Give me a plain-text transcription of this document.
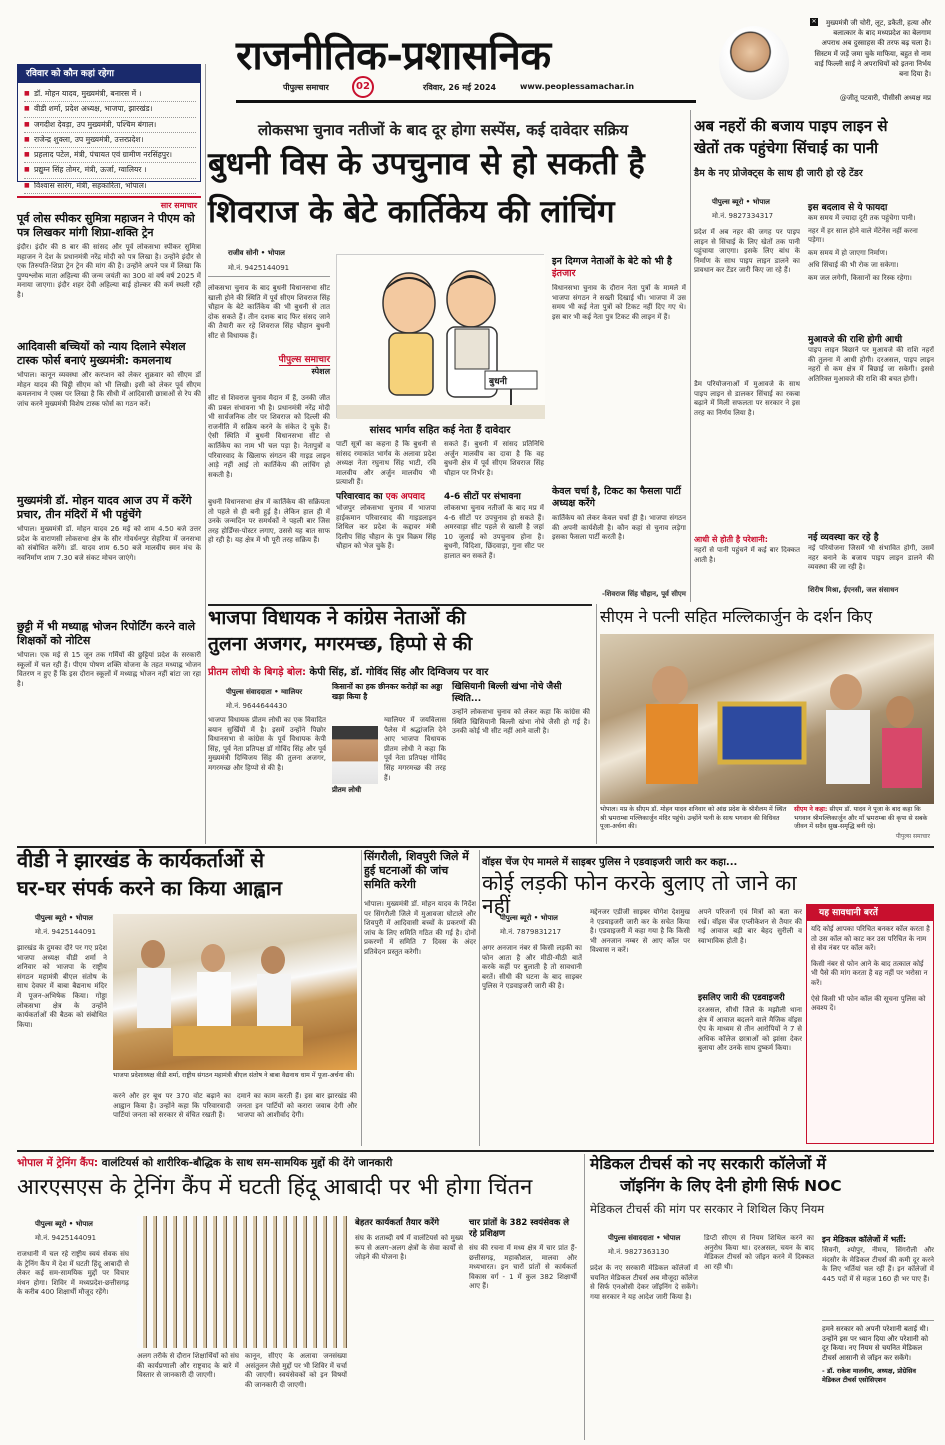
राजनीतिक-प्रशासनिक
पीपुल्स समाचार	02	रविवार, 26 मई 2024	www.peoplessamachar.in
✕	मुख्यमंत्री जी चोरी, लूट, डकैती, हत्या और बलात्कार के बाद मध्यप्रदेश का बेलगाम अपराध अब दुस्साहस की तरफ बढ़ चला है। सिस्टम में जड़ें जमा चुके माफिया, बहुत से नाम वाई फिल्ली साईं ने अपराधियों को इतना निर्भय बना दिया है।
@जीतू पटवारी, पीसीसी अध्यक्ष मप्र
रविवार को कौन कहां रहेगा
■ डॉ. मोहन यादव, मुख्यमंत्री, बनारस में ।
■ वीडी शर्मा, प्रदेश अध्यक्ष, भाजपा, झारखंड।
■ जगदीश देवड़ा, उप मुख्यमंत्री, पश्चिम बंगाल।
■ राजेन्द्र शुक्ला, उप मुख्यमंत्री, उत्तरप्रदेश।
■ प्रहलाद पटेल, मंत्री, पंचायत एवं ग्रामीण नरसिंहपुर।
■ प्रद्युम्न सिंह तोमर, मंत्री, ऊर्जा, ग्वालियर ।
■ विश्वास सारंग, मंत्री, सहकारिता, भोपाल।
सार समाचार
पूर्व लोस स्पीकर सुमित्रा महाजन ने पीएम को पत्र लिखकर मांगी शिप्रा-शक्ति ट्रेन
इंदौर। इंदौर की 8 बार की सांसद और पूर्व लोकसभा स्पीकर सुमित्रा महाजन ने देश के प्रधानमंत्री नरेंद्र मोदी को पत्र लिखा है। उन्होंने इंदौर से एक तिरुपति-शिप्रा ट्रेन ट्रेन की मांग की है। उन्होंने अपने पत्र में लिखा कि पुण्यश्लोक माता अहिल्या की जन्म जयंती का 300 वां वर्ष वर्ष 2025 में मनाया जाएगा। इंदौर शहर देवी अहिल्या बाई होल्कर की कर्म स्थली रही है।
आदिवासी बच्चियों को न्याय दिलाने स्पेशल टास्क फोर्स बनाएं मुख्यमंत्री: कमलनाथ
भोपाल। कानून व्यवस्था और करप्शन को लेकर शुक्रवार को सीएम डॉ मोहन यादव की चिट्ठी सीएम को भी लिखी। इसी को लेकर पूर्व सीएम कमलनाथ ने एक्स पर लिखा है कि सीधी में आदिवासी छात्राओं से रेप की जांच करने मुख्यमंत्री विशेष टास्क फोर्स का गठन करें।
मुख्यमंत्री डॉ. मोहन यादव आज उप में करेंगे प्रचार, तीन मंदिरों में भी पहुंचेंगे
भोपाल। मुख्यमंत्री डॉ. मोहन यादव 26 मई को शाम 4.50 बजे उत्तर प्रदेश के वाराणसी लोकसभा क्षेत्र के सीर गोवर्धनपुर सेहरिया में जनसभा को संबोधित करेंगे। डॉ. यादव शाम 6.50 बजे मालवीय स्मन मंच के नवनिर्माण शाम 7.30 बजे संकट मोचन जाएंगे।
छुट्टी में भी मध्याह्न भोजन रिपोर्टिंग करने वाले शिक्षकों को नोटिस
भोपाल। एक मई से 15 जून तक गर्मियों की छुट्टियां प्रदेश के सरकारी स्कूलों में चल रही हैं। पीएम पोषण शक्ति योजना के तहत मध्याह्न भोजन वितरण न हुए हैं कि इस दौरान स्कूलों में मध्याह्न भोजन नहीं बांटा जा रहा है।
लोकसभा चुनाव नतीजों के बाद दूर होगा सस्पेंस, कई दावेदार सक्रिय
बुधनी विस के उपचुनाव से हो सकती है
शिवराज के बेटे कार्तिकेय की लांचिंग
राजीव सोनी • भोपाल
मो.नं. 9425144091
लोकसभा चुनाव के बाद बुधनी विधानसभा सीट खाली होने की स्थिति में पूर्व सीएम शिवराज सिंह चौहान के बेटे कार्तिकेय की भी बुधनी से तात दोक सकते हैं। तीन दशक बाद फिर संसद जाने की तैयारी कर रहे शिवराज सिंह चौहान बुधनी सीट से विधायक हैं।
पीपुल्स समाचार
स्पेशल
सीट से शिवराज चुनाव मैदान में हैं, उनकी जीत की प्रबल संभावना भी है। प्रधानमंत्री नरेंद्र मोदी भी सार्वजनिक तौर पर शिवराज को दिल्ली की राजनीति में सक्रिय करने के संकेत दे चुके हैं। ऐसी स्थिति में बुधनी विधानसभा सीट से कार्तिकेय का नाम भी चल पड़ा है। नेतापुत्रों व परिवारवाद के खिलाफ संगठन की गाइड लाइन आड़े नहीं आई तो कार्तिकेय की लांचिंग हो सकती है।
बुधनी विधानसभा क्षेत्र में कार्तिकेय की सक्रियता तो पहले से ही बनी हुई है। लेकिन हाल ही में उनके जन्मदिन पर समर्थकों ने पहली बार जिस तरह होर्डिंग्स-पोस्टर लगाए, उससे यह बात साफ हो रही है। यह क्षेत्र में भी पूरी तरह सक्रिय हैं।
बुधनी
सांसद भार्गव सहित कई नेता हैं दावेदार
पार्टी सूत्रों का कहना है कि बुधनी से सांसद रमाकांत भार्गव के अलावा प्रदेश अध्यक्ष नेता रघुनाथ सिंह भाटी, रवि मालवीय और अर्जुन मालवीय भी प्रत्याशी हैं।
सकते हैं। बुधनी में सांसद प्रतिनिधि अर्जुन मालवीय का दावा है कि वह बुधनी क्षेत्र में पूर्व सीएम शिवराज सिंह चौहान पर निर्भर है।
परिवारवाद का एक अपवाद
भोजपुर लोकसभा चुनाव में भाजपा हाईकमान परिवारवाद की गाइडलाइन शिथिल कर प्रदेश के कद्दावर मंत्री दिलीप सिंह चौहान के पुत्र विक्रम सिंह चौहान को भेज चुके हैं।
4-6 सीटों पर संभावना
लोकसभा चुनाव नतीजों के बाद मप्र में 4-6 सीटों पर उपचुनाव हो सकते हैं। अमरवाड़ा सीट पहले से खाली है जहां 10 जुलाई को उपचुनाव होना है। बुधनी, विदिशा, छिंदवाड़ा, गुना सीट पर हालात बन सकते हैं।
इन दिग्गज नेताओं के बेटे को भी है इंतजार
विधानसभा चुनाव के दौरान नेता पुत्रों के मामले में भाजपा संगठन ने सख्ती दिखाई थी। भाजपा में उस समय भी कई नेता पुत्रों को टिकट नहीं दिए गए थे। इस बार भी कई नेता पुत्र टिकट की लाइन में हैं।
केवल चर्चा है, टिकट का फैसला पार्टी अध्यक्ष करेंगे
कार्तिकेय को लेकर केवल चर्चा ही है। भाजपा संगठन की अपनी कार्यशैली है। कौन कहां से चुनाव लड़ेगा इसका फैसला पार्टी करती है।
-शिवराज सिंह चौहान, पूर्व सीएम
अब नहरों की बजाय पाइप लाइन से
खेतों तक पहुंचेगा सिंचाई का पानी
डैम के नए प्रोजेक्ट्स के साथ ही जारी हो रहे टेंडर
पीपुल्स ब्यूरो • भोपाल
मो.नं. 9827334317
प्रदेश में अब नहर की जगह पर पाइप लाइन से सिंचाई के लिए खेतों तक पानी पहुंचाया जाएगा। इसके लिए बांध के निर्माण के साथ पाइप लाइन डालने का प्रावधान कर टेंडर जारी किए जा रहे हैं।
डैम परियोजनाओं में मुआवजे के साथ पाइप लाइन से डालकर सिंचाई का रकबा बढ़ाने में मिली सफलता पर सरकार ने इस तरह का निर्णय लिया है।
आधी से होती है परेशानी:
नहरों से पानी पहुंचने में कई बार दिक्कत आती है।
इस बदलाव से ये फायदा
कम समय में ज्यादा दूरी तक पहुंचेगा पानी।
नहर में हर साल होने वाले मेंटेनेंस नहीं करना पड़ेगा।
कम समय में हो जाएगा निर्माण।
अधि सिंचाई की भी रोक जा सकेगा।
कम जल लगेगी, किसानों का रिस्क रहेगा।
मुआवजे की राशि होगी आधी
पाइप लाइन बिछाने पर मुआवजे की राशि नहरों की तुलना में आधी होगी। दरअसल, पाइप लाइन नहरों से कम क्षेत्र में बिछाई जा सकेगी। इससे अतिरिक्त मुआवजे की राशि की बचत होगी।
नई व्यवस्था कर रहे है
नई परियोजना जिसमें भी संभावित होगी, उसमें नहर बनाने के बजाय पाइप लाइन डालने की व्यवस्था की जा रही है।
शिरीष मिश्रा, ईएनसी, जल संसाधन
भाजपा विधायक ने कांग्रेस नेताओं की
तुलना अजगर, मगरमच्छ, हिप्पो से की
प्रीतम लोधी के बिगड़े बोल: केपी सिंह, डॉ. गोविंद सिंह और दिग्विजय पर वार
पीपुल्स संवाददाता • ग्वालियर
मो.नं. 9644644430
भाजपा विधायक प्रीतम लोधी का एक विवादित बयान सुर्खियों में है। इसमें उन्होंने पिछोर विधानसभा से कांग्रेस के पूर्व विधायक केपी सिंह, पूर्व नेता प्रतिपक्ष डॉ गोविंद सिंह और पूर्व मुख्यमंत्री दिग्विजय सिंह की तुलना अजगर, मगरमच्छ और हिप्पो से की है।
किसानों का हक छीनकर करोड़ों का अड्डा खड़ा किया है
प्रीतम लोधी
ग्वालियर में जयविलास पैलेस में श्रद्धांजलि देने आए भाजपा विधायक प्रीतम लोधी ने कहा कि पूर्व नेता प्रतिपक्ष गोविंद सिंह मगरमच्छ की तरह हैं।
खिसियानी बिल्ली खंभा नोचे जैसी स्थिति...
उन्होंने लोकसभा चुनाव को लेकर कहा कि कांग्रेस की स्थिति खिसियानी बिल्ली खंभा नोचे जैसी हो गई है। उनकी कोई भी सीट नहीं आने वाली है।
सीएम ने पत्नी सहित मल्लिकार्जुन के दर्शन किए
भोपाल। मप्र के सीएम डॉ. मोहन यादव शनिवार को आंध्र प्रदेश के श्रीशैलम में स्थित श्री भ्रमराम्बा मल्लिकार्जुन मंदिर पहुंचे। उन्होंने पत्नी के साथ भगवान की विधिवत पूजा-अर्चना की।
सीएम ने कहा: सीएम डॉ. यादव ने पूजा के बाद कहा कि भगवान श्रीमल्लिकार्जुन और माँ भ्रमराम्बा की कृपा से सबके जीवन में सदैव सुख-समृद्धि बनी रहे।
पीपुल्स समाचार
वीडी ने झारखंड के कार्यकर्ताओं से
घर-घर संपर्क करने का किया आह्वान
पीपुल्स ब्यूरो • भोपाल
मो.नं. 9425144091
झारखंड के दुमका दौरे पर गए प्रदेश भाजपा अध्यक्ष वीडी शर्मा ने शनिवार को भाजपा के राष्ट्रीय संगठन महामंत्री बीएल संतोष के साथ देवघर में बाबा बैद्यनाथ मंदिर में पूजन-अभिषेक किया। गोड्डा लोकसभा क्षेत्र के उन्होंने कार्यकर्ताओं की बैठक को संबोधित किया।
भाजपा प्रदेशाध्यक्ष वीडी शर्मा, राष्ट्रीय संगठन महामंत्री बीएल संतोष ने बाबा वैद्यनाथ धाम में पूजा-अर्चना की।
करने और हर बूथ पर 370 वोट बढ़ाने का आह्वान किया है। उन्होंने कहा कि परिवारवादी पार्टियां जनता को सरकार से वंचित रखती हैं।
दमाने का काम करती हैं। इस बार झारखंड की जनता इन पार्टियों को करारा जवाब देगी और भाजपा को आशीर्वाद देगी।
सिंगरौली, शिवपुरी जिले में हुई घटनाओं की जांच समिति करेगी
भोपाल। मुख्यमंत्री डॉ. मोहन यादव के निर्देश पर सिंगरौली जिले में मुआवजा घोटाले और शिवपुरी में आदिवासी बच्चों के प्रकरणों की जांच के लिए समिति गठित की गई है। दोनों प्रकरणों में समिति 7 दिवस के अंदर प्रतिवेदन प्रस्तुत करेगी।
वॉइस चेंज ऐप मामले में साइबर पुलिस ने एडवाइजरी जारी कर कहा...
कोई लड़की फोन करके बुलाए तो जाने का नहीं
पीपुल्स ब्यूरो • भोपाल
मो.नं. 7879831217
अगर अनजान नंबर से किसी लड़की का फोन आता है और मीठी-मीठी बातें करके कहीं पर बुलाती है तो सावधानी बरतें। सीधी की घटना के बाद साइबर पुलिस ने एडवाइजरी जारी की है।
मद्देनजर एडीजी साइबर योगेश देशमुख ने एडवाइजरी जारी कर के सचेत किया है। एडवाइजरी में कहा गया है कि किसी भी अनजान नम्बर से आए कॉल पर विश्वास न करें।
अपने परिजनों एवं मित्रों को बता कर रखें। वॉइस चेंज एप्लीकेशन से तैयार की गई आवाज बड़ी बार बेहद सुरीली व स्वाभाविक होती है।
इसलिए जारी की एडवाइजरी
दरअसल, सीधी जिले के मझौली थाना क्षेत्र में आवाज बदलने वाले मैजिक वॉइस ऐप के माध्यम से तीन आरोपियों ने 7 से अधिक कॉलेज छात्राओं को झांसा देकर बुलाया और उनके साथ दुष्कर्म किया।
यह सावधानी बरतें
यदि कोई आपका परिचित बनकर कॉल करता है तो उस कॉल को काट कर उस परिचित के नाम से सेव नंबर पर कॉल करें।
किसी नंबर से फोन आने के बाद तत्काल कोई भी पैसे की मांग करता है वह नहीं पर भरोसा न करें।
ऐसे किसी भी फोन कॉल की सूचना पुलिस को अवश्य दें।
भोपाल में ट्रेनिंग कैंप: वालंटियर्स को शारीरिक-बौद्धिक के साथ सम-सामयिक मुद्दों की देंगे जानकारी
आरएसएस के ट्रेनिंग कैंप में घटती हिंदू आबादी पर भी होगा चिंतन
पीपुल्स ब्यूरो • भोपाल
मो.नं. 9425144091
राजधानी में चल रहे राष्ट्रीय स्वयं सेवक संघ के ट्रेनिंग कैंप में देश में घटती हिंदू आबादी से लेकर कई सम-सामयिक मुद्दों पर विचार मंथन होगा। शिविर में मध्यप्रदेश-छत्तीसगढ़ के करीब 400 शिक्षार्थी मौजूद रहेंगे।
अलग तरीके से दौरान शिक्षार्थियों को संघ की कार्यप्रणाली और राष्ट्रवाद के बारे में विस्तार से जानकारी दी जाएगी।
कानून, सीएए के अलावा जनसंख्या असंतुलन जैसे मुद्दों पर भी शिविर में चर्चा की जाएगी। स्वयंसेवकों को इन विषयों की जानकारी दी जाएगी।
बेहतर कार्यकर्ता तैयार करेंगे
संघ के शताब्दी वर्ष में वालंटियर्स को मुख्य रूप से अलग-अलग क्षेत्रों के सेवा कार्यों से जोड़ने की योजना है।
चार प्रांतों के 382 स्वयंसेवक ले रहे प्रशिक्षण
संघ की रचना में मध्य क्षेत्र में चार प्रांत हैं- छत्तीसगढ़, महाकौशल, मालवा और मध्यभारत। इन चारों प्रांतों से कार्यकर्ता विकास वर्ग - 1 में कुल 382 शिक्षार्थी आए हैं।
मेडिकल टीचर्स को नए सरकारी कॉलेजों में
जॉइनिंग के लिए देनी होगी सिर्फ NOC
मेडिकल टीचर्स की मांग पर सरकार ने शिथिल किए नियम
पीपुल्स संवाददाता • भोपाल
मो.नं. 9827363130
प्रदेश के नए सरकारी मेडिकल कॉलेजों में चयनित मेडिकल टीचर्स अब मौजूदा कॉलेज से सिर्फ एनओसी देकर जॉइनिंग दे सकेंगे। गया सरकार ने यह आदेश जारी किया है।
डिप्टी सीएम से नियम शिथिल करने का अनुरोध किया था। दरअसल, चयन के बाद मेडिकल टीचर्स को जॉइन करने में दिक्कत आ रही थी।
इन मेडिकल कॉलेजों में भर्ती:
सिवनी, श्योपुर, नीमच, सिंगरौली और मंदसौर के मेडिकल टीचर्स की कमी दूर करने के लिए भर्तियां चल रही हैं। इन कॉलेजों में 445 पदों में से महज 160 ही भर पाए हैं।
हमने सरकार को अपनी परेशानी बताई थी। उन्होंने इस पर ध्यान दिया और परेशानी को दूर किया। नए नियम से चयनित मेडिकल टीचर्स आसानी से जॉइन कर सकेंगे।
- डॉ. राकेश मालवीय, अध्यक्ष, प्रोग्रेसिव मेडिकल टीचर्स एसोसिएशन
